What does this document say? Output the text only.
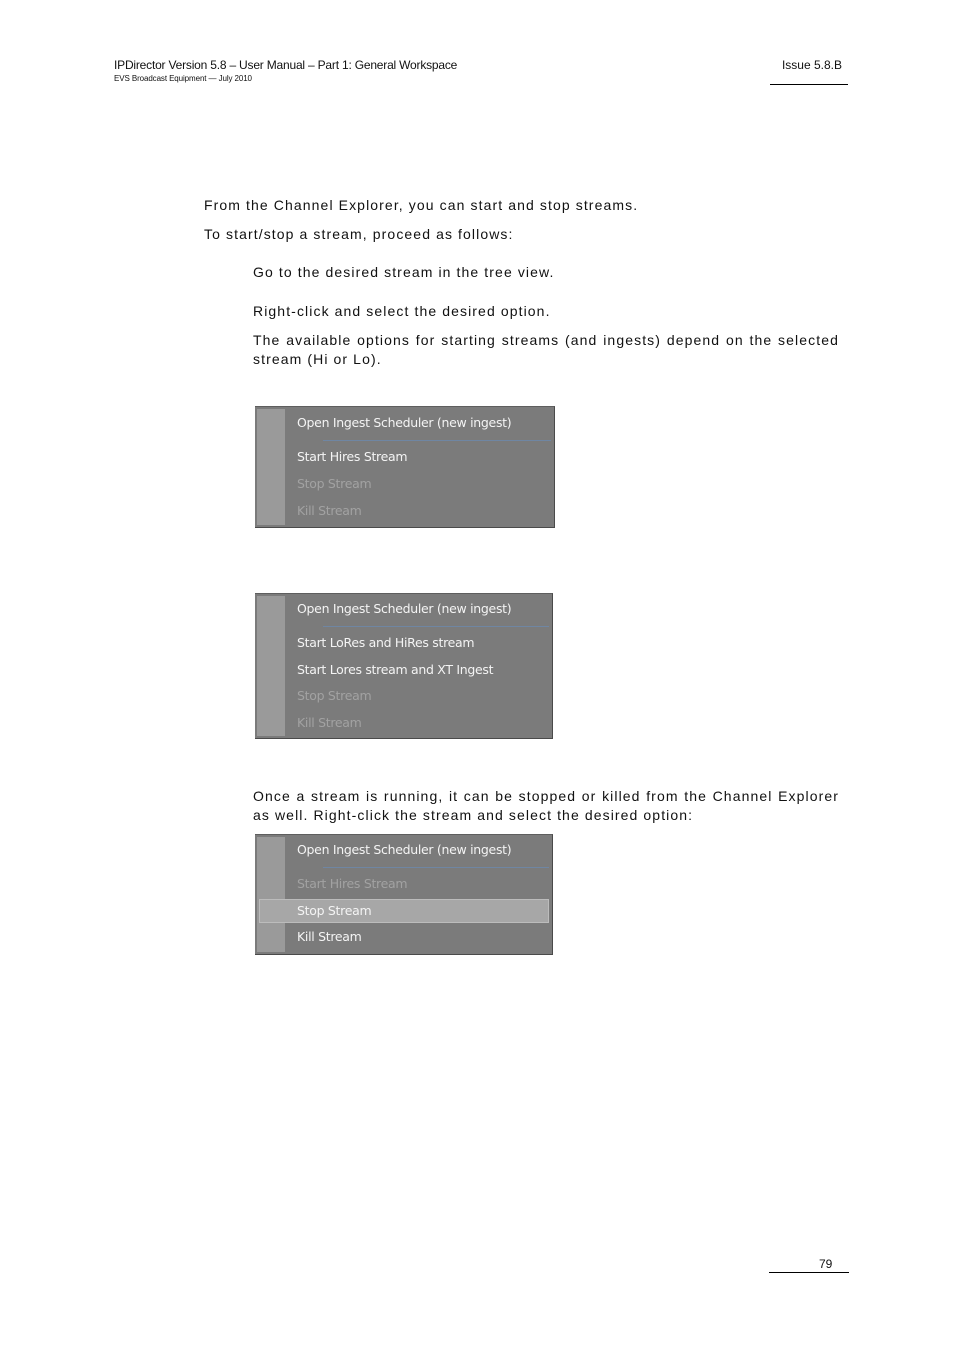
IPDirector Version 5.8 – User Manual – Part 1: General Workspace
EVS Broadcast Equipment — July 2010
Issue 5.8.B
From the Channel Explorer, you can start and stop streams.
To start/stop a stream, proceed as follows:
Go to the desired stream in the tree view.
Right-click and select the desired option.
The available options for starting streams (and ingests) depend on the selected stream (Hi or Lo).
Open Ingest Scheduler (new ingest)
Start Hires Stream
Stop Stream
Kill Stream
Open Ingest Scheduler (new ingest)
Start LoRes and HiRes stream
Start Lores stream and XT Ingest
Stop Stream
Kill Stream
Once a stream is running, it can be stopped or killed from the Channel Explorer as well. Right-click the stream and select the desired option:
Open Ingest Scheduler (new ingest)
Start Hires Stream
Stop Stream
Kill Stream
79
